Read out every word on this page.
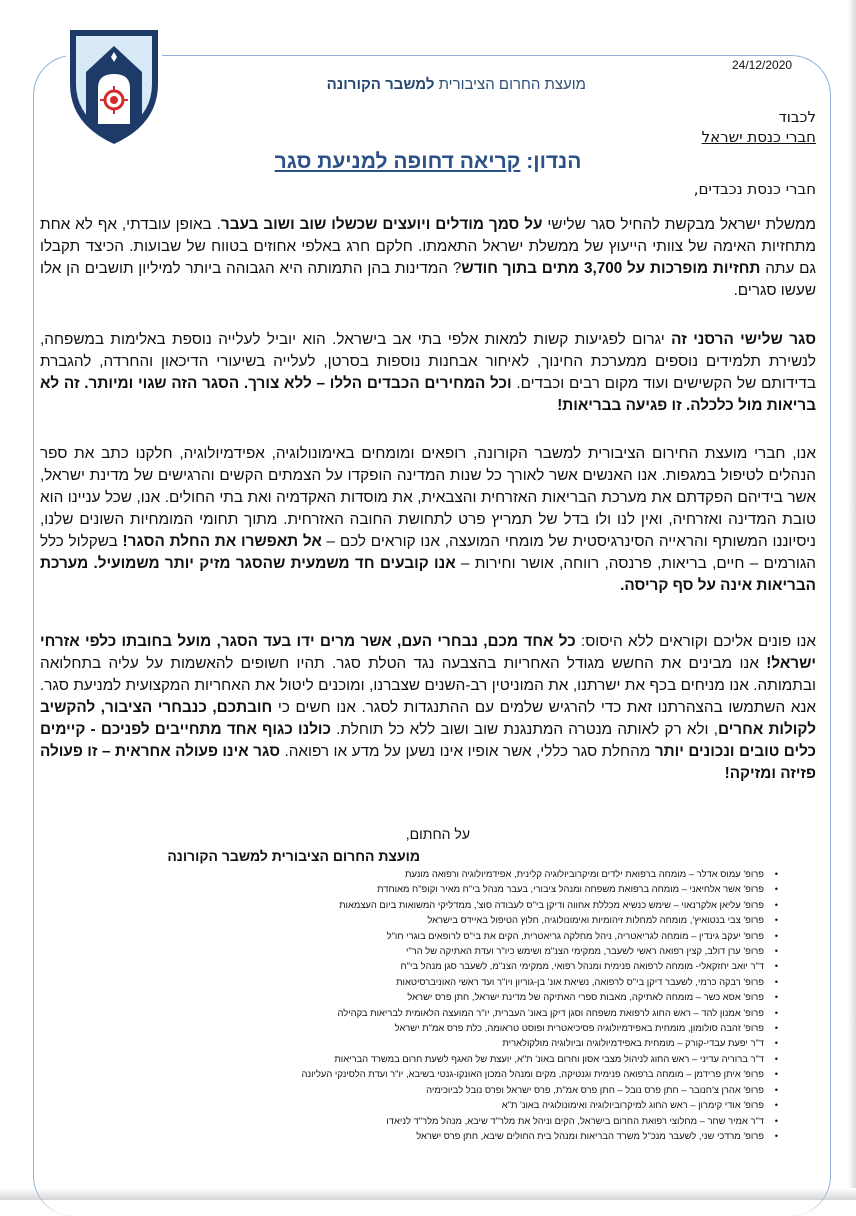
24/12/2020
מועצת החרום הציבורית למשבר הקורונה
לכבוד
חברי כנסת ישראל
הנדון: קריאה דחופה למניעת סגר
חברי כנסת נכבדים,
ממשלת ישראל מבקשת להחיל סגר שלישי על סמך מודלים ויועצים שכשלו שוב ושוב בעבר. באופן עובדתי, אף לא אחת מתחזיות האימה של צוותי הייעוץ של ממשלת ישראל התאמתו. חלקם חרג באלפי אחוזים בטווח של שבועות. הכיצד תקבלו גם עתה תחזיות מופרכות על 3,700 מתים בתוך חודש? המדינות בהן התמותה היא הגבוהה ביותר למיליון תושבים הן אלו שעשו סגרים.
סגר שלישי הרסני זה יגרום לפגיעות קשות למאות אלפי בתי אב בישראל. הוא יוביל לעלייה נוספת באלימות במשפחה, לנשירת תלמידים נוספים ממערכת החינוך, לאיחור אבחנות נוספות בסרטן, לעלייה בשיעורי הדיכאון והחרדה, להגברת בדידותם של הקשישים ועוד מקום רבים וכבדים. וכל המחירים הכבדים הללו – ללא צורך. הסגר הזה שגוי ומיותר. זה לא בריאות מול כלכלה. זו פגיעה בבריאות!
אנו, חברי מועצת החירום הציבורית למשבר הקורונה, רופאים ומומחים באימונולוגיה, אפידמיולוגיה, חלקנו כתב את ספר הנהלים לטיפול במגפות. אנו האנשים אשר לאורך כל שנות המדינה הופקדו על הצמתים הקשים והרגישים של מדינת ישראל, אשר בידיהם הפקדתם את מערכת הבריאות האזרחית והצבאית, את מוסדות האקדמיה ואת בתי החולים. אנו, שכל עניינו הוא טובת המדינה ואזרחיה, ואין לנו ולו בדל של תמריץ פרט לתחושת החובה האזרחית. מתוך תחומי המומחיות השונים שלנו, ניסיוננו המשותף והראייה הסינרגיסטית של מומחי המועצה, אנו קוראים לכם – אל תאפשרו את החלת הסגר! בשקלול כלל הגורמים – חיים, בריאות, פרנסה, רווחה, אושר וחירות – אנו קובעים חד משמעית שהסגר מזיק יותר משמועיל. מערכת הבריאות אינה על סף קריסה.
אנו פונים אליכם וקוראים ללא היסוס: כל אחד מכם, נבחרי העם, אשר מרים ידו בעד הסגר, מועל בחובתו כלפי אזרחי ישראל! אנו מבינים את החשש מגודל האחריות בהצבעה נגד הטלת סגר. תהיו חשופים להאשמות על עליה בתחלואה ובתמותה. אנו מניחים בכף את ישרתנו, את המוניטין רב-השנים שצברנו, ומוכנים ליטול את האחריות המקצועית למניעת סגר. אנא השתמשו בהצהרתנו זאת כדי להרגיש שלמים עם ההתנגדות לסגר. אנו חשים כי חובתכם, כנבחרי הציבור, להקשיב לקולות אחרים, ולא רק לאותה מנטרה המתנגנת שוב ושוב ללא כל תוחלת. כולנו כגוף אחד מתחייבים לפניכם - קיימים כלים טובים ונכונים יותר מהחלת סגר כללי, אשר אופיו אינו נשען על מדע או רפואה. סגר אינו פעולה אחראית – זו פעולה פזיזה ומזיקה!
על החתום,
מועצת החרום הציבורית למשבר הקורונה
• פרופ' עמוס אדלר – מומחה ברפואת ילדים ומיקרוביולוגיה קלינית, אפידמיולוגיה ורפואה מונעת
• פרופ' אשר אלחיאני – מומחה ברפואת משפחה ומנהל ציבורי, בעבר מנהל בי"ח מאיר וקופ"ח מאוחדת
• פרופ' עליאן אלקרנאוי – שימש כנשיא מכללת אחווה ודיקן בי"ס לעבודה סוצ', ממדליקי המשואות ביום העצמאות
• פרופ' צבי בנטואיץ', מומחה למחלות זיהומיות ואימונולוגיה, חלוץ הטיפול באיידס בישראל
• פרופ' יעקב גינדין – מומחה לגריאטריה, ניהל מחלקה גריאטרית, הקים את בי"ס לרופאים בוגרי חו"ל
• פרופ' ערן דולב, קצין רפואה ראשי לשעבר, ממקימי הצנ"מ ושימש כיו"ר ועדת האתיקה של הר"י
• ד"ר יואב יחזקאלי- מומחה לרפואה פנימית ומנהל רפואי, ממקימי הצנ"מ, לשעבר סגן מנהל בי"ח
• פרופ' רבקה כרמי, לשעבר דיקן בי"ס לרפואה, נשיאת אונ' בן-גוריון ויו"ר ועד ראשי האוניברסיטאות
• פרופ' אסא כשר – מומחה לאתיקה, מאבות ספרי האתיקה של מדינת ישראל, חתן פרס ישראל
• פרופ' אמנון להד – ראש החוג לרפואת משפחה וסגן דיקן באונ' העברית, יו"ר המועצה הלאומית לבריאות בקהילה
• פרופ' זהבה סולומון, מומחית באפידמיולוגיה פסיכיאטרית ופוסט טראומה, כלת פרס אמ"ת ישראל
• ד"ר יפעת עבדי-קורק – מומחית באפידמיולוגיה וביולוגיה מולקולארית
• ד"ר ברוריה עדיני – ראש החוג לניהול מצבי אסון וחרום באונ' ת"א, יועצת של האגף לשעת חרום במשרד הבריאות
• פרופ' איתן פרידמן – מומחה ברפואה פנימית וגנטיקה, מקים ומנהל המכון האונקו-גנטי בשיבא, יו"ר ועדת הלסינקי העליונה
• פרופ' אהרן צ'חנובר – חתן פרס נובל – חתן פרס אמ"ת, פרס ישראל ופרס נובל לביוכימיה
• פרופ' אודי קימרון – ראש החוג למיקרוביולוגיה ואימונולוגיה באונ' ת"א
• ד"ר אמיר שחר – מחלוצי רפואת החרום בישראל, הקים וניהל את מלר"ד שיבא, מנהל מלר"ד לניאדו
• פרופ' מרדכי שני, לשעבר מנכ"ל משרד הבריאות ומנהל בית החולים שיבא, חתן פרס ישראל
